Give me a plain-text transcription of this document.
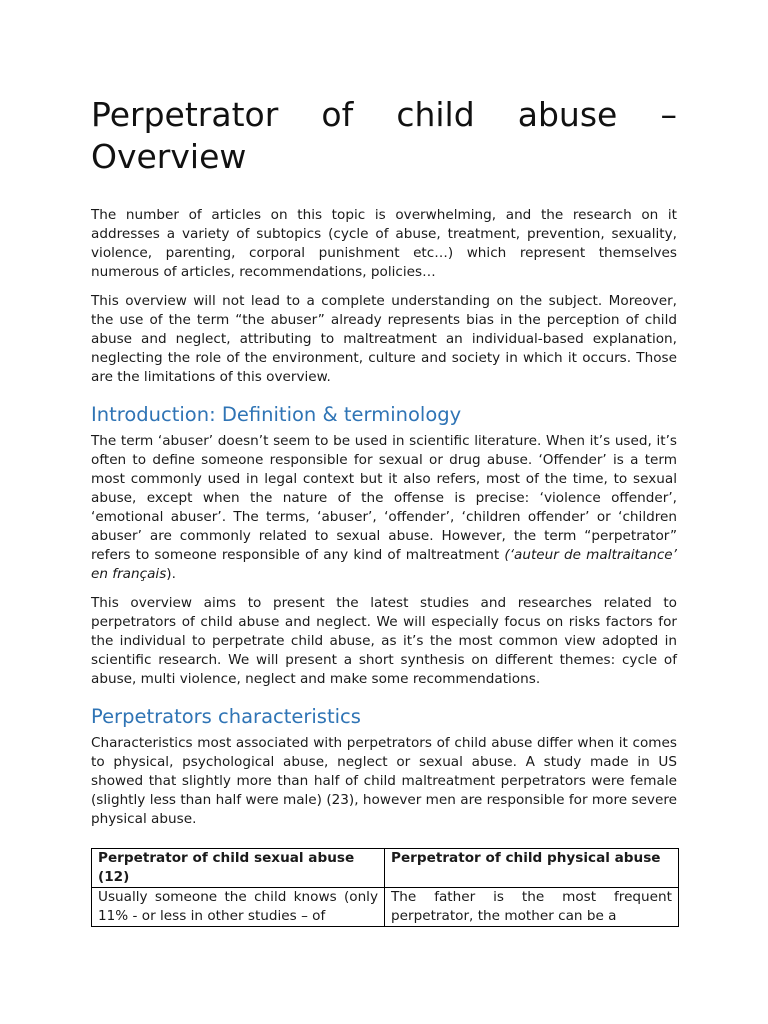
Perpetrator of child abuse –
Overview

The number of articles on this topic is overwhelming, and the research on it addresses a variety of subtopics (cycle of abuse, treatment, prevention, sexuality, violence, parenting, corporal punishment etc…) which represent themselves numerous of articles, recommendations, policies…

This overview will not lead to a complete understanding on the subject. Moreover, the use of the term “the abuser” already represents bias in the perception of child abuse and neglect, attributing to maltreatment an individual-based explanation, neglecting the role of the environment, culture and society in which it occurs. Those are the limitations of this overview.

Introduction: Definition & terminology

The term ‘abuser’ doesn’t seem to be used in scientific literature. When it’s used, it’s often to define someone responsible for sexual or drug abuse. ‘Offender’ is a term most commonly used in legal context but it also refers, most of the time, to sexual abuse, except when the nature of the offense is precise: ‘violence offender’, ‘emotional abuser’. The terms, ‘abuser’, ‘offender’, ‘children offender’ or ‘children abuser’ are commonly related to sexual abuse. However, the term “perpetrator” refers to someone responsible of any kind of maltreatment (‘auteur de maltraitance’ en français).

This overview aims to present the latest studies and researches related to perpetrators of child abuse and neglect. We will especially focus on risks factors for the individual to perpetrate child abuse, as it’s the most common view adopted in scientific research. We will present a short synthesis on different themes: cycle of abuse, multi violence, neglect and make some recommendations.

Perpetrators characteristics

Characteristics most associated with perpetrators of child abuse differ when it comes to physical, psychological abuse, neglect or sexual abuse. A study made in US showed that slightly more than half of child maltreatment perpetrators were female (slightly less than half were male) (23), however men are responsible for more severe physical abuse.

Perpetrator of child sexual abuse (12)	Perpetrator of child physical abuse

Usually someone the child knows (only 11% - or less in other studies – of	The father is the most frequent perpetrator, the mother can be a
